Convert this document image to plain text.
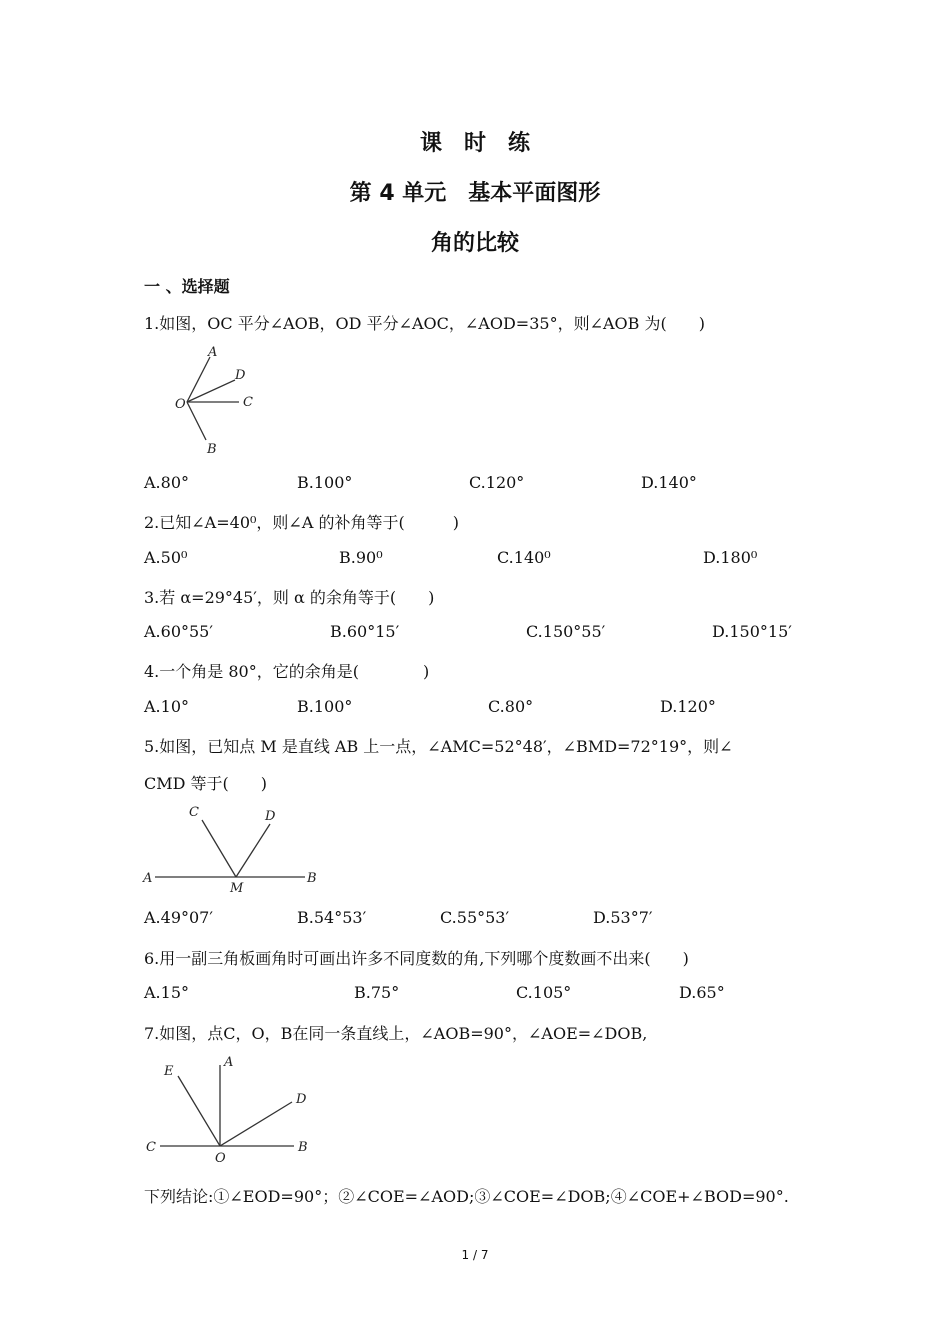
课　时　练
第 4 单元　基本平面图形
角的比较
一 、选择题
1.如图，OC 平分∠AOB，OD 平分∠AOC，∠AOD=35°，则∠AOB 为(　　)
A
D
O	C
B
A.80°	B.100°	C.120°	D.140°
2.已知∠A=40⁰，则∠A 的补角等于(　　　)
A.50⁰	B.90⁰	C.140⁰	D.180⁰
3.若 α=29°45′，则 α 的余角等于(　　)
A.60°55′	B.60°15′	C.150°55′	D.150°15′
4.一个角是 80°，它的余角是(　　　　)
A.10°	B.100°	C.80°	D.120°
5.如图，已知点 M 是直线 AB 上一点，∠AMC=52°48′，∠BMD=72°19°，则∠
CMD 等于(　　)
C	D
A
M
B
A.49°07′	B.54°53′	C.55°53′	D.53°7′
6.用一副三角板画角时可画出许多不同度数的角,下列哪个度数画不出来(　　)
A.15°	B.75°	C.105°	D.65°
7.如图，点C，O，B在同一条直线上，∠AOB=90°，∠AOE=∠DOB,
E
A
D
C
O
B
下列结论:①∠EOD=90°；②∠COE=∠AOD;③∠COE=∠DOB;④∠COE+∠BOD=90°.
1 / 7
